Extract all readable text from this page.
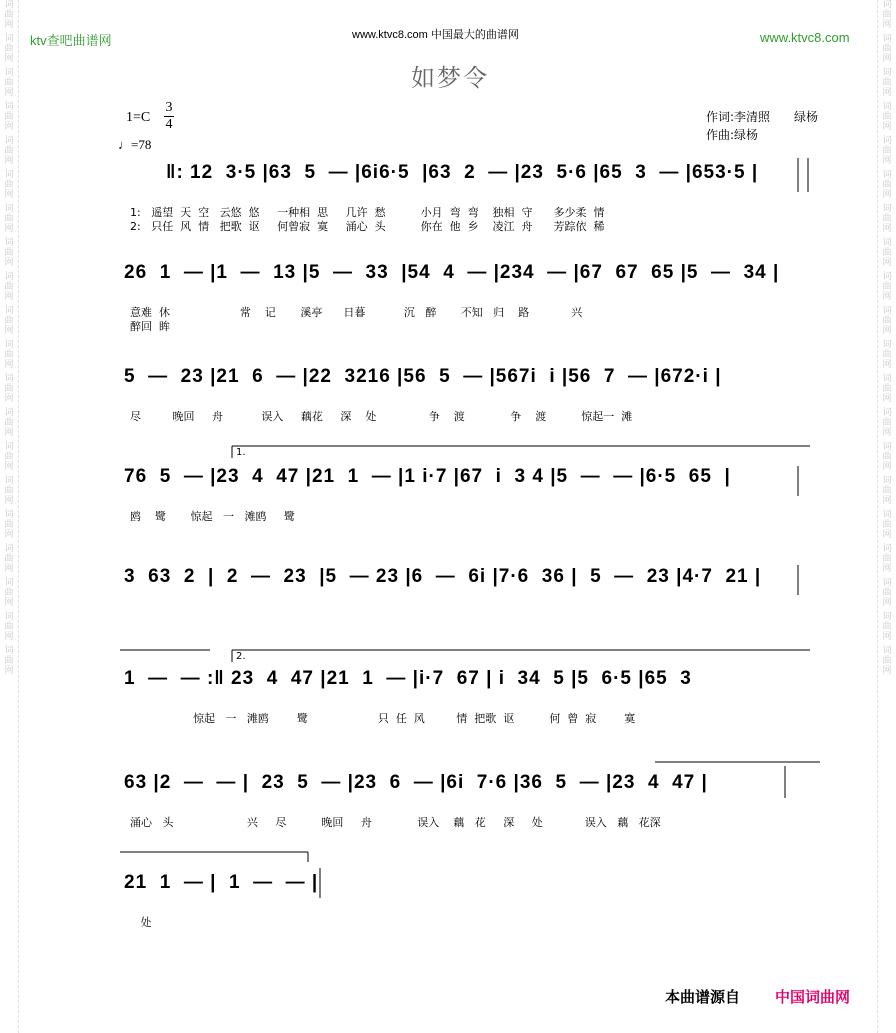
词
曲
网
词
曲
网
词
曲
网
词
曲
网
词
曲
网
词
曲
网
词
曲
网
词
曲
网
词
曲
网
词
曲
网
词
曲
网
词
曲
网
词
曲
网
词
曲
网
词
曲
网
词
曲
网
词
曲
网
词
曲
网
词
曲
网
词
曲
网
词
曲
网
词
曲
网
词
曲
网
词
曲
网
词
曲
网
词
曲
网
词
曲
网
词
曲
网
词
曲
网
词
曲
网
词
曲
网
词
曲
网
词
曲
网
词
曲
网
词
曲
网
词
曲
网
词
曲
网
词
曲
网
词
曲
网
词
曲
网
ktv查吧曲谱网	www.ktvc8.com 中国最大的曲谱网	www.ktvc8.com
如梦令
1=C
3
4
♩=78
作词:李清照　　绿杨
作曲:绿杨
1.
2.
‖: 12  3·5 |63  5  — |6i6·5  |63  2  — |23  5·6 |65  3  — |653·5 |
1:   遥望  天  空   云悠  悠     一种相  思     几许  愁          小月  弯  弯    独相  守      多少柔  情
2:   只任  风  情   把歌  讴     何曾寂  寞     涌心  头          你在  他  乡    凌江  舟      芳踪依  稀
26  1  — |1  —  13 |5  —  33  |54  4  — |234  — |67  67  65 |5  —  34 |
意难  休                    常    记       溪亭      日暮           沉   醉       不知   归    路            兴
醉回  眸
5  —  23 |21  6  — |22  3216 |56  5  — |567i  i |56  7  — |672·i |
尽         晚回     舟           误入     藕花     深    处               争    渡             争    渡          惊起一  滩
76  5  — |23  4  47 |21  1  — |1 i·7 |67  i  3 4 |5  —  — |6·5  65  |
鸥    鹭       惊起   一   滩鸥     鹭
3  63  2  |  2  —  23  |5  — 23 |6  —  6i |7·6  36 |  5  —  23 |4·7  21 |
1  —  — :‖ 23  4  47 |21  1  — |i·7  67 | i  34  5 |5  6·5 |65  3
惊起   一   滩鸥        鹭                    只  任  风         情  把歌  讴          何  曾  寂        寞
63 |2  —  — |  23  5  — |23  6  — |6i  7·6 |36  5  — |23  4  47 |
涌心   头                     兴     尽          晚回     舟             误入    藕   花     深     处            误入   藕   花深
21  1  — |  1  —  — |
处
本曲谱源自 中国词曲网
